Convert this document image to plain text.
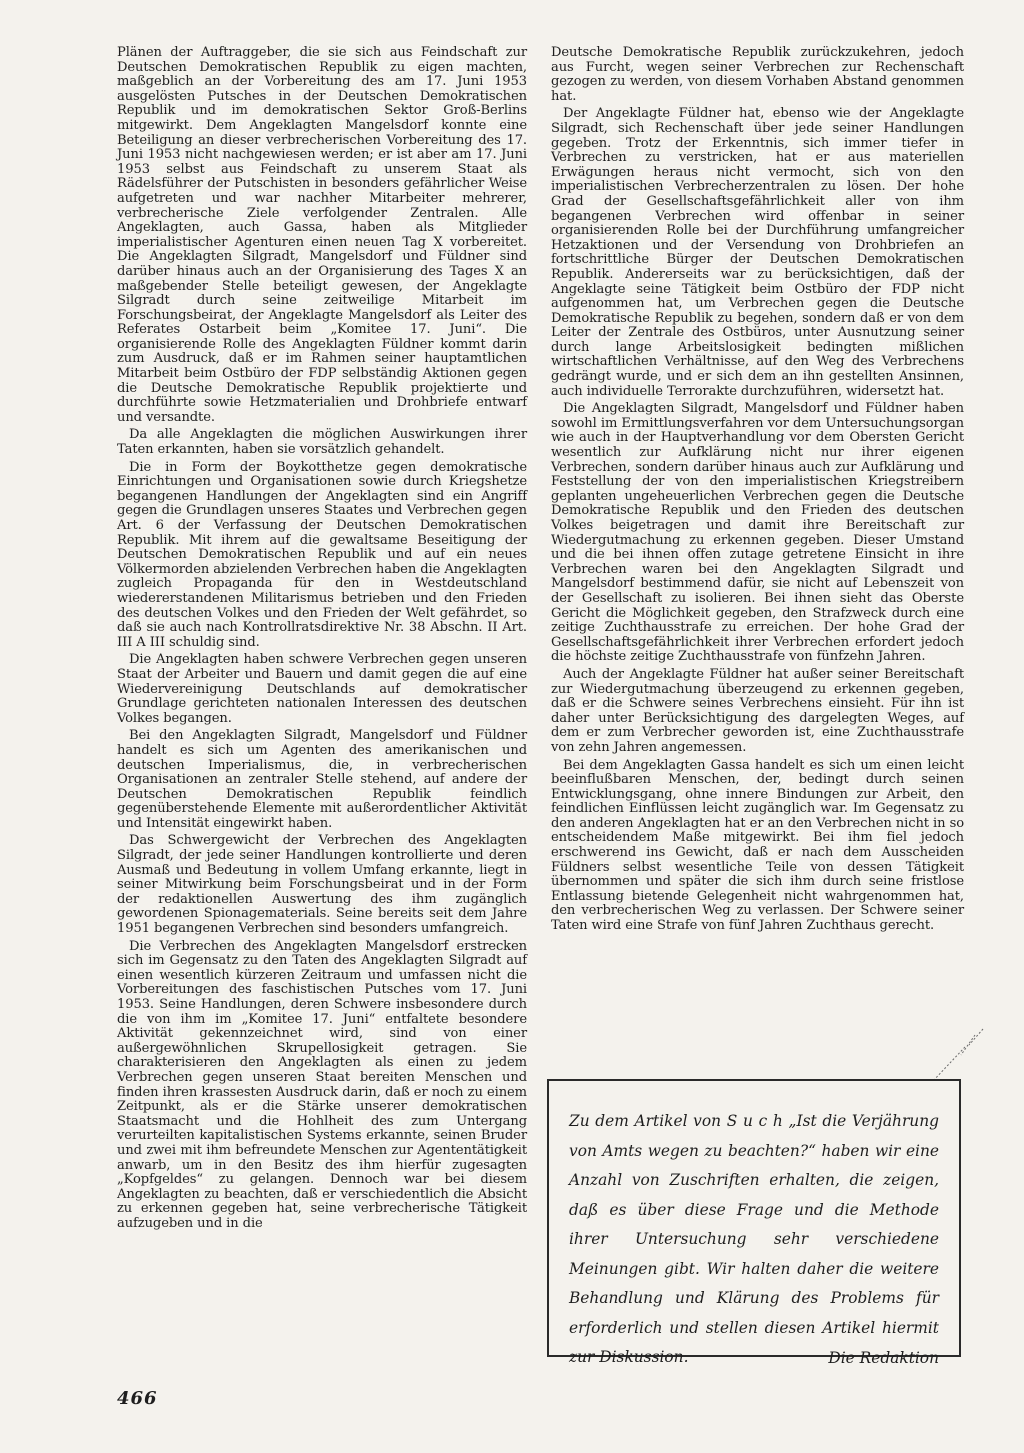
Plänen der Auftraggeber, die sie sich aus Feindschaft zur Deutschen Demokratischen Republik zu eigen machten, maßgeblich an der Vorbereitung des am 17. Juni 1953 ausgelösten Putsches in der Deutschen Demokratischen Republik und im demokratischen Sektor Groß-Berlins mitgewirkt. Dem Angeklagten Mangelsdorf konnte eine Beteiligung an dieser verbrecherischen Vorbereitung des 17. Juni 1953 nicht nachgewiesen werden; er ist aber am 17. Juni 1953 selbst aus Feindschaft zu unserem Staat als Rädelsführer der Putschisten in besonders gefährlicher Weise aufgetreten und war nachher Mitarbeiter mehrerer, verbrecherische Ziele verfolgender Zentralen. Alle Angeklagten, auch Gassa, haben als Mitglieder imperialistischer Agenturen einen neuen Tag X vorbereitet. Die Angeklagten Silgradt, Mangelsdorf und Füldner sind darüber hinaus auch an der Organisierung des Tages X an maßgebender Stelle beteiligt gewesen, der Angeklagte Silgradt durch seine zeitweilige Mitarbeit im Forschungsbeirat, der Angeklagte Mangelsdorf als Leiter des Referates Ostarbeit beim „Komitee 17. Juni“. Die organisierende Rolle des Angeklagten Füldner kommt darin zum Ausdruck, daß er im Rahmen seiner hauptamtlichen Mitarbeit beim Ostbüro der FDP selbständig Aktionen gegen die Deutsche Demokratische Republik projektierte und durchführte sowie Hetzmaterialien und Drohbriefe entwarf und versandte.

Da alle Angeklagten die möglichen Auswirkungen ihrer Taten erkannten, haben sie vorsätzlich gehandelt.

Die in Form der Boykotthetze gegen demokratische Einrichtungen und Organisationen sowie durch Kriegshetze begangenen Handlungen der Angeklagten sind ein Angriff gegen die Grundlagen unseres Staates und Verbrechen gegen Art. 6 der Verfassung der Deutschen Demokratischen Republik. Mit ihrem auf die gewaltsame Beseitigung der Deutschen Demokratischen Republik und auf ein neues Völkermorden abzielenden Verbrechen haben die Angeklagten zugleich Propaganda für den in Westdeutschland wiedererstandenen Militarismus betrieben und den Frieden des deutschen Volkes und den Frieden der Welt gefährdet, so daß sie auch nach Kontrollratsdirektive Nr. 38 Abschn. II Art. III A III schuldig sind.

Die Angeklagten haben schwere Verbrechen gegen unseren Staat der Arbeiter und Bauern und damit gegen die auf eine Wiedervereinigung Deutschlands auf demokratischer Grundlage gerichteten nationalen Interessen des deutschen Volkes begangen.

Bei den Angeklagten Silgradt, Mangelsdorf und Füldner handelt es sich um Agenten des amerikanischen und deutschen Imperialismus, die, in verbrecherischen Organisationen an zentraler Stelle stehend, auf andere der Deutschen Demokratischen Republik feindlich gegenüberstehende Elemente mit außerordentlicher Aktivität und Intensität eingewirkt haben.

Das Schwergewicht der Verbrechen des Angeklagten Silgradt, der jede seiner Handlungen kontrollierte und deren Ausmaß und Bedeutung in vollem Umfang erkannte, liegt in seiner Mitwirkung beim Forschungsbeirat und in der Form der redaktionellen Auswertung des ihm zugänglich gewordenen Spionagematerials. Seine bereits seit dem Jahre 1951 begangenen Verbrechen sind besonders umfangreich.

Die Verbrechen des Angeklagten Mangelsdorf erstrecken sich im Gegensatz zu den Taten des Angeklagten Silgradt auf einen wesentlich kürzeren Zeitraum und umfassen nicht die Vorbereitungen des faschistischen Putsches vom 17. Juni 1953. Seine Handlungen, deren Schwere insbesondere durch die von ihm im „Komitee 17. Juni“ entfaltete besondere Aktivität gekennzeichnet wird, sind von einer außergewöhnlichen Skrupellosigkeit getragen. Sie charakterisieren den Angeklagten als einen zu jedem Verbrechen gegen unseren Staat bereiten Menschen und finden ihren krassesten Ausdruck darin, daß er noch zu einem Zeitpunkt, als er die Stärke unserer demokratischen Staatsmacht und die Hohlheit des zum Untergang verurteilten kapitalistischen Systems erkannte, seinen Bruder und zwei mit ihm befreundete Menschen zur Agententätigkeit anwarb, um in den Besitz des ihm hierfür zugesagten „Kopfgeldes“ zu gelangen. Dennoch war bei diesem Angeklagten zu beachten, daß er verschiedentlich die Absicht zu erkennen gegeben hat, seine verbrecherische Tätigkeit aufzugeben und in die

Deutsche Demokratische Republik zurückzukehren, jedoch aus Furcht, wegen seiner Verbrechen zur Rechenschaft gezogen zu werden, von diesem Vorhaben Abstand genommen hat.

Der Angeklagte Füldner hat, ebenso wie der Angeklagte Silgradt, sich Rechenschaft über jede seiner Handlungen gegeben. Trotz der Erkenntnis, sich immer tiefer in Verbrechen zu verstricken, hat er aus materiellen Erwägungen heraus nicht vermocht, sich von den imperialistischen Verbrecherzentralen zu lösen. Der hohe Grad der Gesellschaftsgefährlichkeit aller von ihm begangenen Verbrechen wird offenbar in seiner organisierenden Rolle bei der Durchführung umfangreicher Hetzaktionen und der Versendung von Drohbriefen an fortschrittliche Bürger der Deutschen Demokratischen Republik. Andererseits war zu berücksichtigen, daß der Angeklagte seine Tätigkeit beim Ostbüro der FDP nicht aufgenommen hat, um Verbrechen gegen die Deutsche Demokratische Republik zu begehen, sondern daß er von dem Leiter der Zentrale des Ostbüros, unter Ausnutzung seiner durch lange Arbeitslosigkeit bedingten mißlichen wirtschaftlichen Verhältnisse, auf den Weg des Verbrechens gedrängt wurde, und er sich dem an ihn gestellten Ansinnen, auch individuelle Terrorakte durchzuführen, widersetzt hat.

Die Angeklagten Silgradt, Mangelsdorf und Füldner haben sowohl im Ermittlungsverfahren vor dem Untersuchungsorgan wie auch in der Hauptverhandlung vor dem Obersten Gericht wesentlich zur Aufklärung nicht nur ihrer eigenen Verbrechen, sondern darüber hinaus auch zur Aufklärung und Feststellung der von den imperialistischen Kriegstreibern geplanten ungeheuerlichen Verbrechen gegen die Deutsche Demokratische Republik und den Frieden des deutschen Volkes beigetragen und damit ihre Bereitschaft zur Wiedergutmachung zu erkennen gegeben. Dieser Umstand und die bei ihnen offen zutage getretene Einsicht in ihre Verbrechen waren bei den Angeklagten Silgradt und Mangelsdorf bestimmend dafür, sie nicht auf Lebenszeit von der Gesellschaft zu isolieren. Bei ihnen sieht das Oberste Gericht die Möglichkeit gegeben, den Strafzweck durch eine zeitige Zuchthausstrafe zu erreichen. Der hohe Grad der Gesellschaftsgefährlichkeit ihrer Verbrechen erfordert jedoch die höchste zeitige Zuchthausstrafe von fünfzehn Jahren.

Auch der Angeklagte Füldner hat außer seiner Bereitschaft zur Wiedergutmachung überzeugend zu erkennen gegeben, daß er die Schwere seines Verbrechens einsieht. Für ihn ist daher unter Berücksichtigung des dargelegten Weges, auf dem er zum Verbrecher geworden ist, eine Zuchthausstrafe von zehn Jahren angemessen.

Bei dem Angeklagten Gassa handelt es sich um einen leicht beeinflußbaren Menschen, der, bedingt durch seinen Entwicklungsgang, ohne innere Bindungen zur Arbeit, den feindlichen Einflüssen leicht zugänglich war. Im Gegensatz zu den anderen Angeklagten hat er an den Verbrechen nicht in so entscheidendem Maße mitgewirkt. Bei ihm fiel jedoch erschwerend ins Gewicht, daß er nach dem Ausscheiden Füldners selbst wesentliche Teile von dessen Tätigkeit übernommen und später die sich ihm durch seine fristlose Entlassung bietende Gelegenheit nicht wahrgenommen hat, den verbrecherischen Weg zu verlassen. Der Schwere seiner Taten wird eine Strafe von fünf Jahren Zuchthaus gerecht.

Zu dem Artikel von S u c h „Ist die Verjährung von Amts wegen zu beachten?“ haben wir eine Anzahl von Zuschriften erhalten, die zeigen, daß es über diese Frage und die Methode ihrer Untersuchung sehr verschiedene Meinungen gibt. Wir halten daher die weitere Behandlung und Klärung des Problems für erforderlich und stellen diesen Artikel hiermit zur Diskussion.	Die Redaktion
466
